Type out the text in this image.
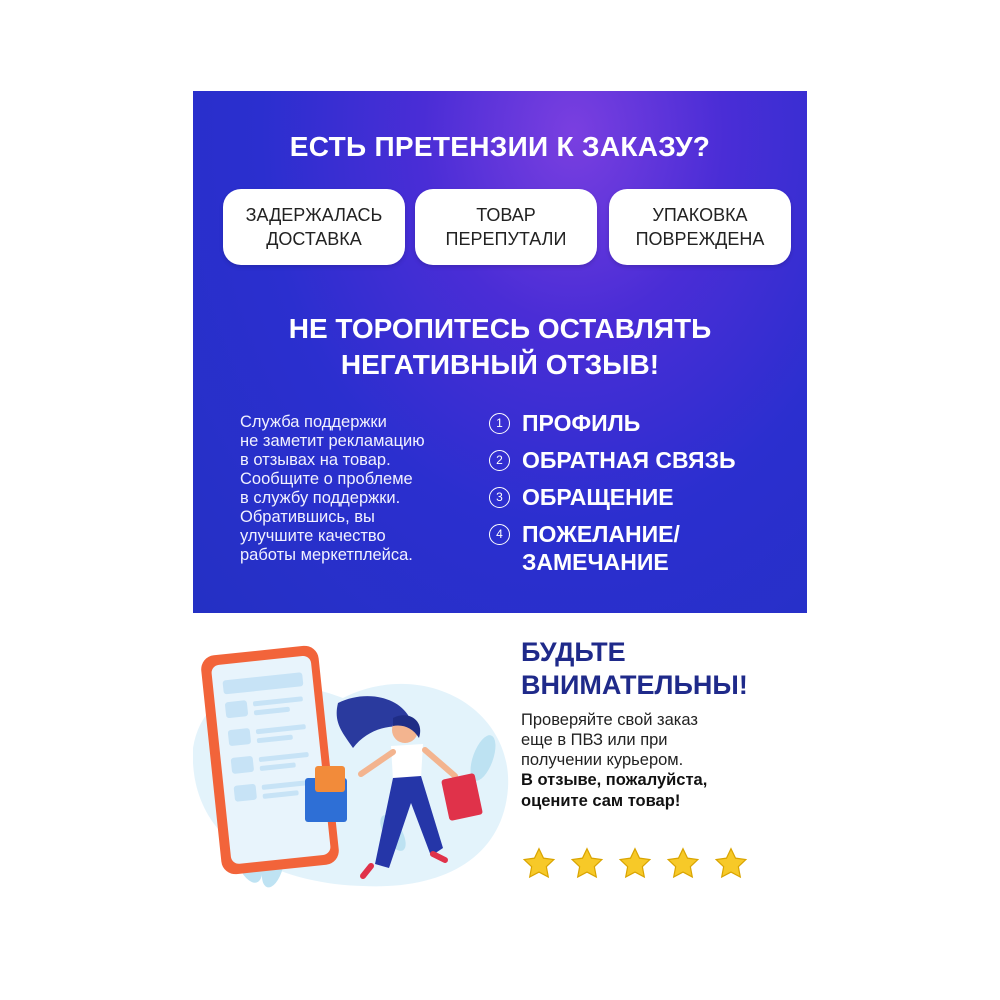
ЕСТЬ ПРЕТЕНЗИИ К ЗАКАЗУ?
ЗАДЕРЖАЛАСЬ
ДОСТАВКА
ТОВАР
ПЕРЕПУТАЛИ
УПАКОВКА
ПОВРЕЖДЕНА
НЕ ТОРОПИТЕСЬ ОСТАВЛЯТЬ
НЕГАТИВНЫЙ ОТЗЫВ!
Служба поддержки
не заметит рекламацию
в отзывах на товар.
Сообщите о проблеме
в службу поддержки.
Обратившись, вы
улучшите качество
работы меркетплейса.
1 ПРОФИЛЬ
2 ОБРАТНАЯ СВЯЗЬ
3 ОБРАЩЕНИЕ
4 ПОЖЕЛАНИЕ/
ЗАМЕЧАНИЕ
БУДЬТЕ
ВНИМАТЕЛЬНЫ!
Проверяйте свой заказ
еще в ПВЗ или при
получении курьером.
В отзыве, пожалуйста,
оцените сам товар!
